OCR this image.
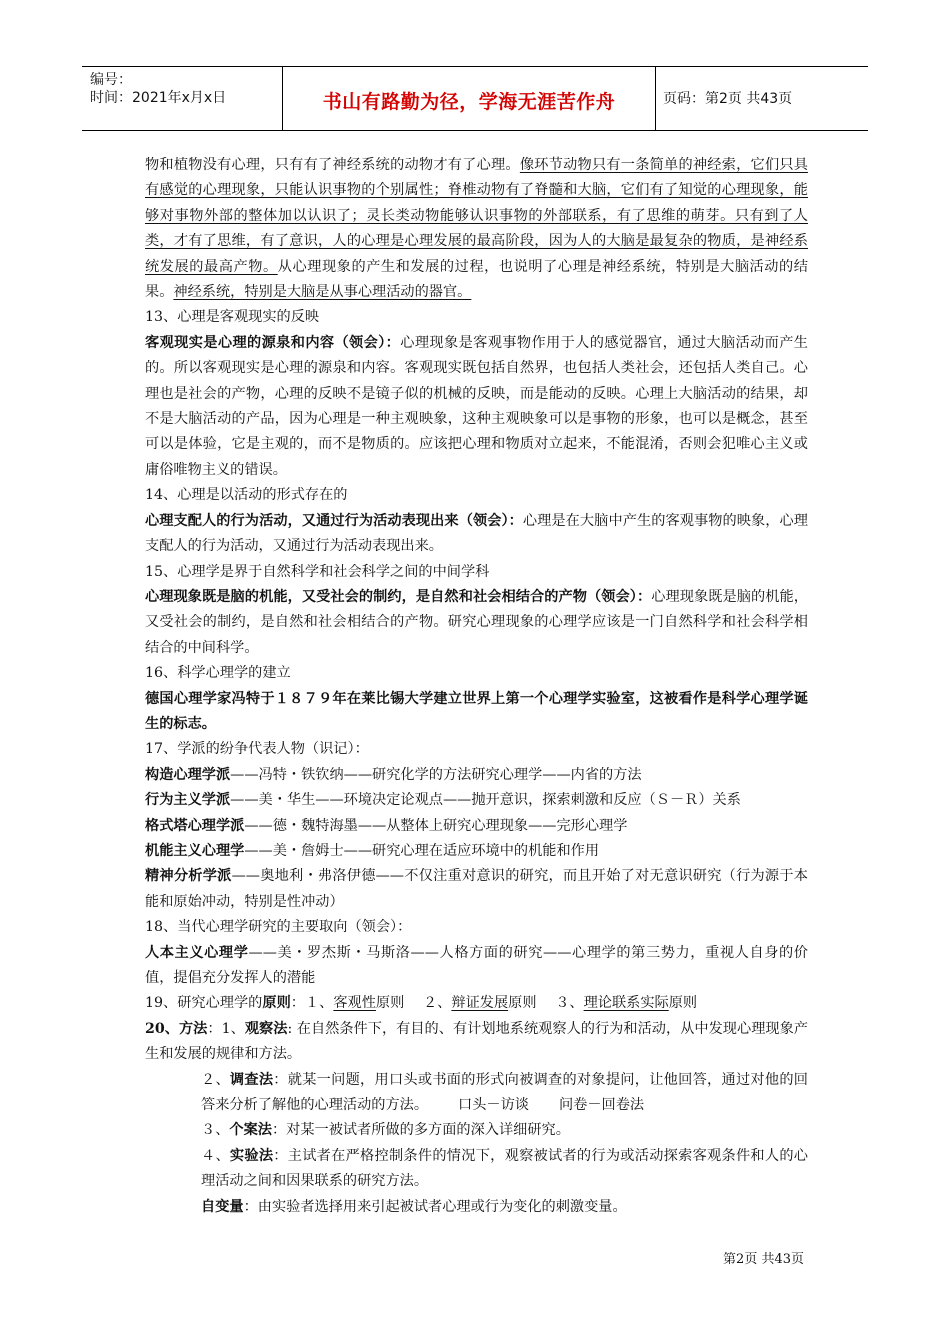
编号：
时间：2021年x月x日	书山有路勤为径，学海无涯苦作舟	页码：第2页 共43页

物和植物没有心理，只有有了神经系统的动物才有了心理。像环节动物只有一条简单的神经索，它们只具有感觉的心理现象，只能认识事物的个别属性；脊椎动物有了脊髓和大脑，它们有了知觉的心理现象，能够对事物外部的整体加以认识了；灵长类动物能够认识事物的外部联系，有了思维的萌芽。只有到了人类，才有了思维，有了意识，人的心理是心理发展的最高阶段，因为人的大脑是最复杂的物质，是神经系统发展的最高产物。从心理现象的产生和发展的过程，也说明了心理是神经系统，特别是大脑活动的结果。神经系统，特别是大脑是从事心理活动的器官。

13、心理是客观现实的反映

客观现实是心理的源泉和内容（领会）：心理现象是客观事物作用于人的感觉器官，通过大脑活动而产生的。所以客观现实是心理的源泉和内容。客观现实既包括自然界，也包括人类社会，还包括人类自己。心理也是社会的产物，心理的反映不是镜子似的机械的反映，而是能动的反映。心理上大脑活动的结果，却不是大脑活动的产品，因为心理是一种主观映象，这种主观映象可以是事物的形象，也可以是概念，甚至可以是体验，它是主观的，而不是物质的。应该把心理和物质对立起来，不能混淆，否则会犯唯心主义或庸俗唯物主义的错误。

14、心理是以活动的形式存在的

心理支配人的行为活动，又通过行为活动表现出来（领会）：心理是在大脑中产生的客观事物的映象，心理支配人的行为活动，又通过行为活动表现出来。

15、心理学是界于自然科学和社会科学之间的中间学科

心理现象既是脑的机能，又受社会的制约，是自然和社会相结合的产物（领会）：心理现象既是脑的机能，又受社会的制约，是自然和社会相结合的产物。研究心理现象的心理学应该是一门自然科学和社会科学相结合的中间科学。

16、科学心理学的建立

德国心理学家冯特于１８７９年在莱比锡大学建立世界上第一个心理学实验室，这被看作是科学心理学诞生的标志。

17、学派的纷争代表人物（识记）：

构造心理学派——冯特・铁钦纳——研究化学的方法研究心理学——内省的方法

行为主义学派——美・华生——环境决定论观点——抛开意识，探索刺激和反应（Ｓ－Ｒ）关系

格式塔心理学派——德・魏特海墨——从整体上研究心理现象——完形心理学

机能主义心理学——美・詹姆士——研究心理在适应环境中的机能和作用

精神分析学派——奥地利・弗洛伊德——不仅注重对意识的研究，而且开始了对无意识研究（行为源于本能和原始冲动，特别是性冲动）

18、当代心理学研究的主要取向（领会）：

人本主义心理学——美・罗杰斯・马斯洛——人格方面的研究——心理学的第三势力，重视人自身的价值，提倡充分发挥人的潜能

19、研究心理学的原则：１、客观性原则　 ２、辩证发展原则　 ３、理论联系实际原则

20、方法：1、观察法: 在自然条件下，有目的、有计划地系统观察人的行为和活动，从中发现心理现象产生和发展的规律和方法。

２、调查法：就某一问题，用口头或书面的形式向被调查的对象提问，让他回答，通过对他的回答来分析了解他的心理活动的方法。 口头－访谈 问卷－回卷法

３、个案法：对某一被试者所做的多方面的深入详细研究。

４、实验法：主试者在严格控制条件的情况下，观察被试者的行为或活动探索客观条件和人的心理活动之间和因果联系的研究方法。

自变量：由实验者选择用来引起被试者心理或行为变化的刺激变量。

第2页 共43页
